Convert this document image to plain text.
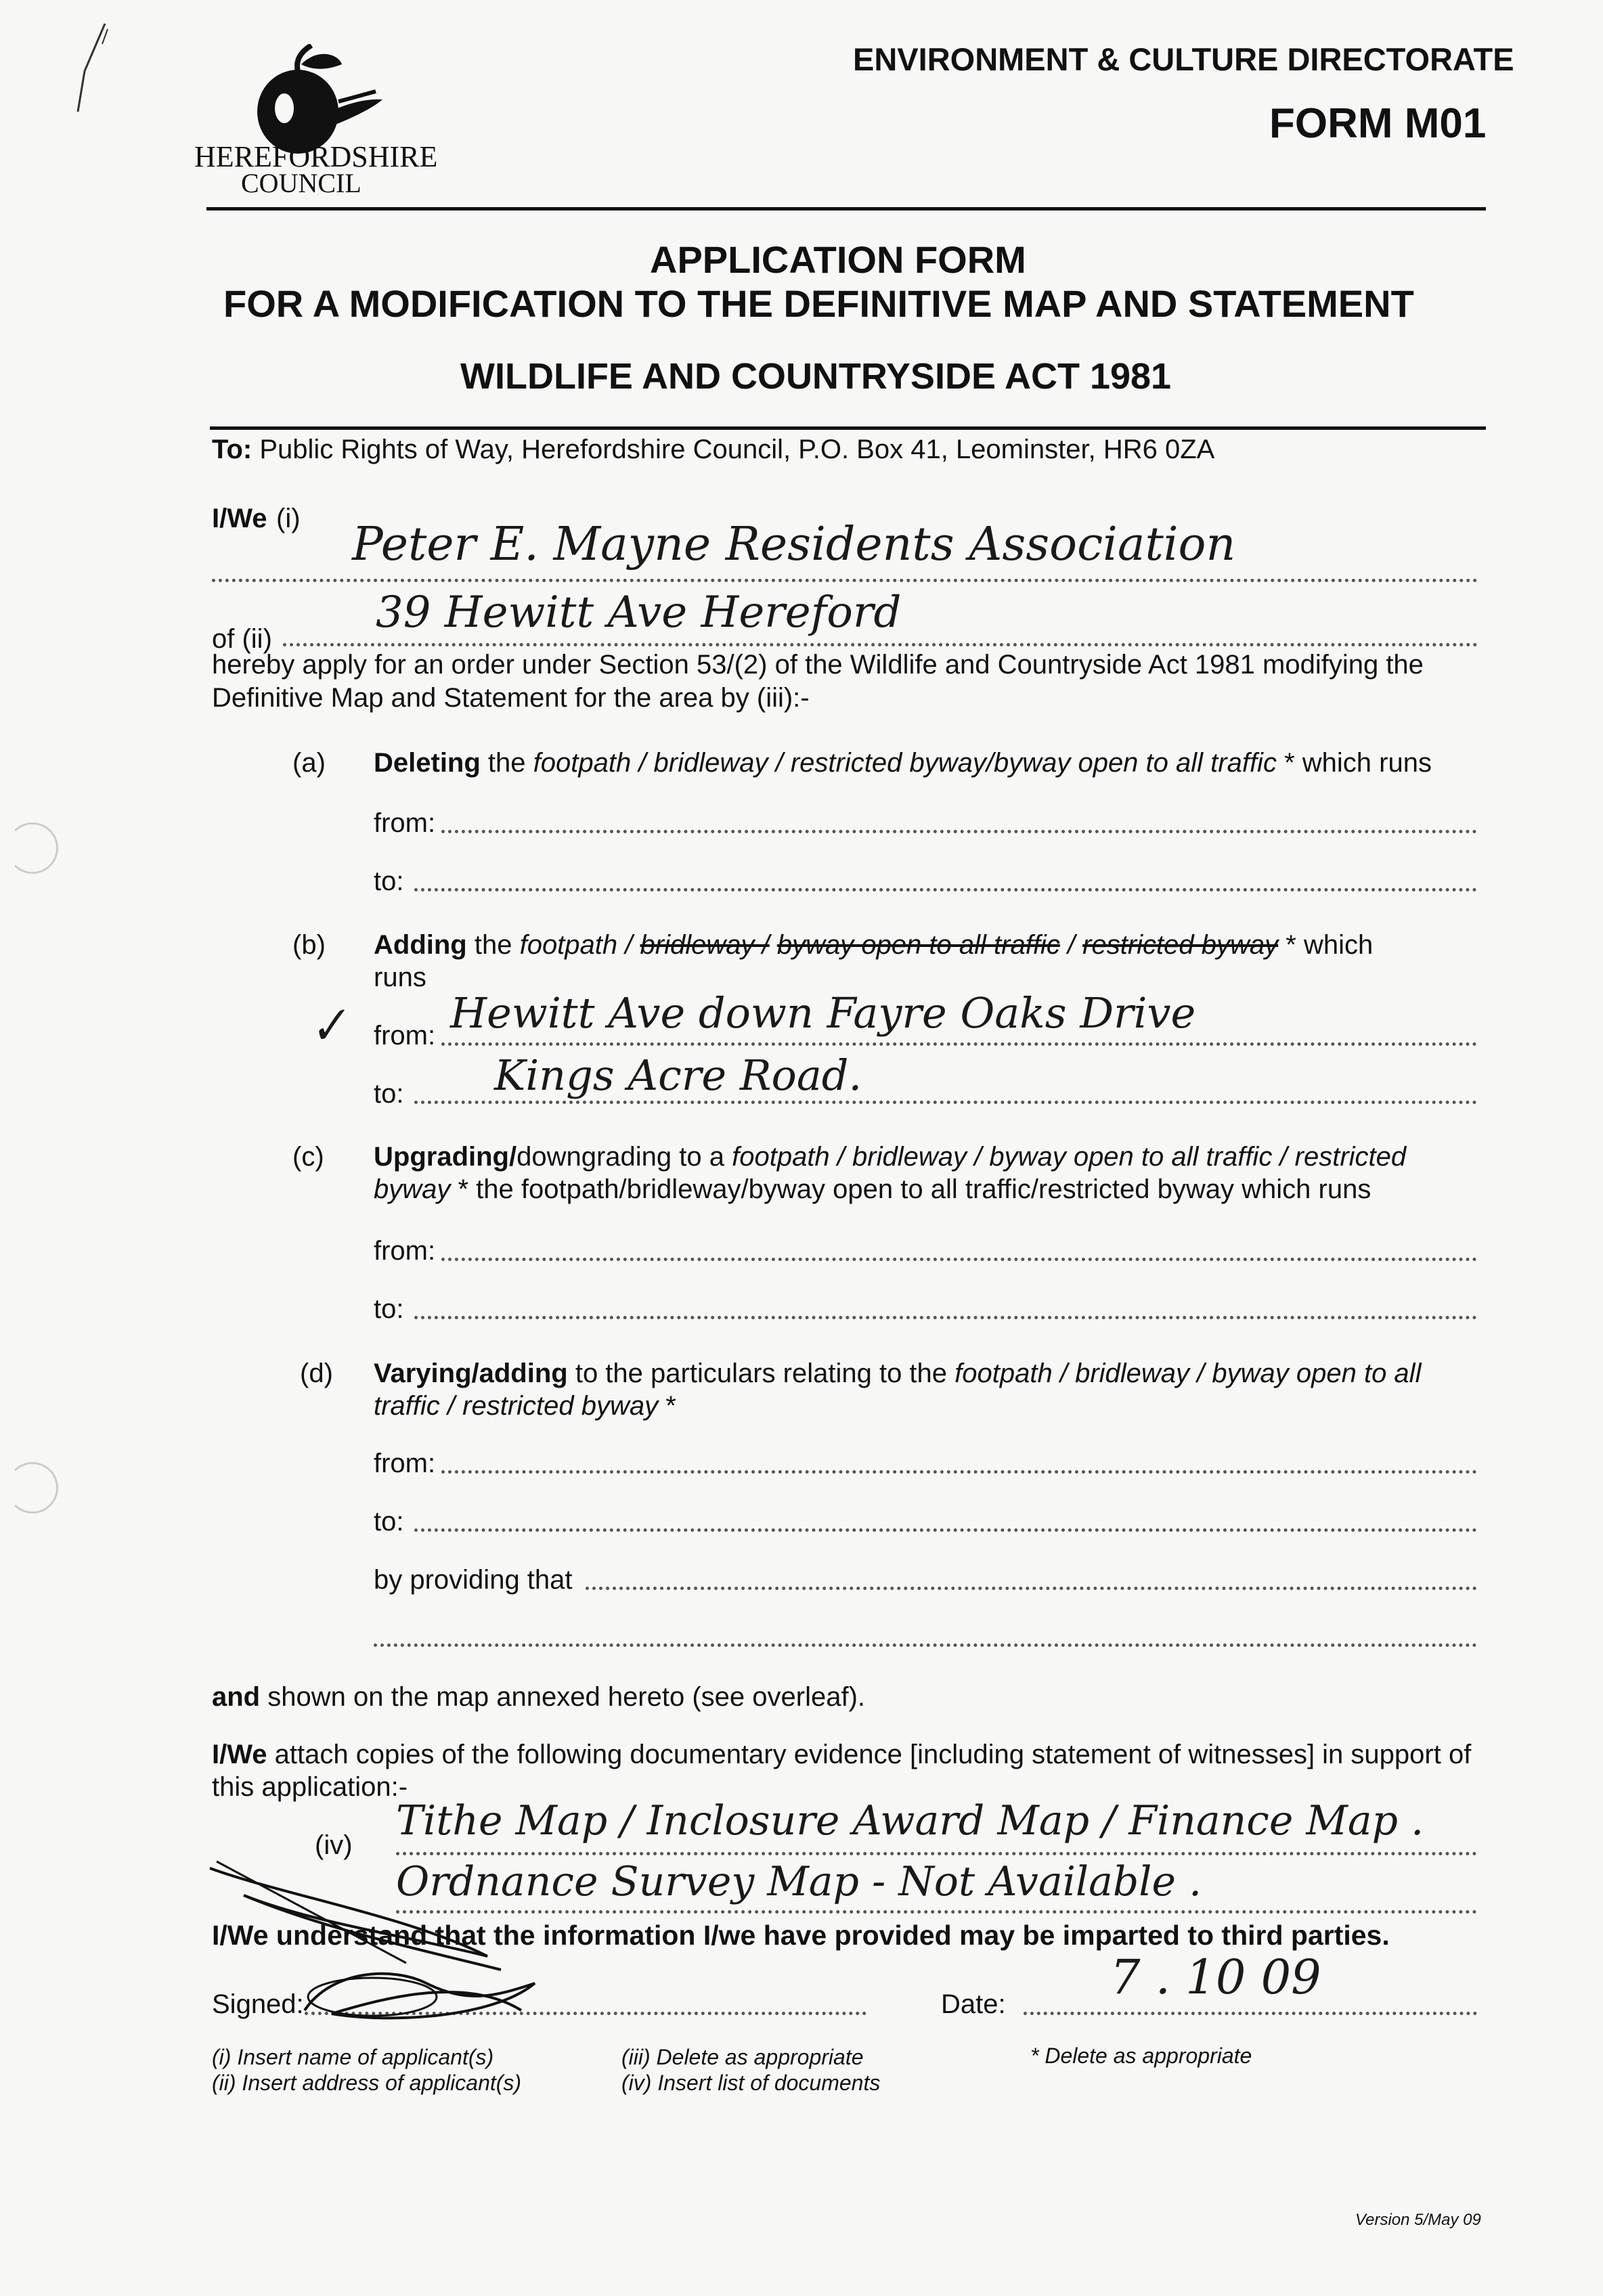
HEREFORDSHIRE
COUNCIL
ENVIRONMENT & CULTURE DIRECTORATE
FORM M01
APPLICATION FORM
FOR A MODIFICATION TO THE DEFINITIVE MAP AND STATEMENT
WILDLIFE AND COUNTRYSIDE ACT 1981
To: Public Rights of Way, Herefordshire Council, P.O. Box 41, Leominster, HR6 0ZA
I/We (i) Peter E. Mayne Residents Association
of (ii)
39 Hewitt Ave Hereford
hereby apply for an order under Section 53/(2) of the Wildlife and Countryside Act 1981 modifying the
Definitive Map and Statement for the area by (iii):-
(a) Deleting the footpath / bridleway / restricted byway/byway open to all traffic * which runs
from:
to:
(b) Adding the footpath / bridleway / byway open to all traffic / restricted byway * which
runs
✓ from: Hewitt Ave down Fayre Oaks Drive
to: Kings Acre Road.
(c) Upgrading/downgrading to a footpath / bridleway / byway open to all traffic / restricted
byway * the footpath/bridleway/byway open to all traffic/restricted byway which runs
from:
to:
(d) Varying/adding to the particulars relating to the footpath / bridleway / byway open to all
traffic / restricted byway *
from:
to:
by providing that
and shown on the map annexed hereto (see overleaf).
I/We attach copies of the following documentary evidence [including statement of witnesses] in support of
this application:-
(iv)
Tithe Map / Inclosure Award Map / Finance Map .
Ordnance Survey Map - Not Available .
I/We understand that the information I/we have provided may be imparted to third parties.
Signed:	Date: 7 . 10 09
(i) Insert name of applicant(s)
(ii) Insert address of applicant(s)
(iii) Delete as appropriate
(iv) Insert list of documents
* Delete as appropriate
Version 5/May 09
